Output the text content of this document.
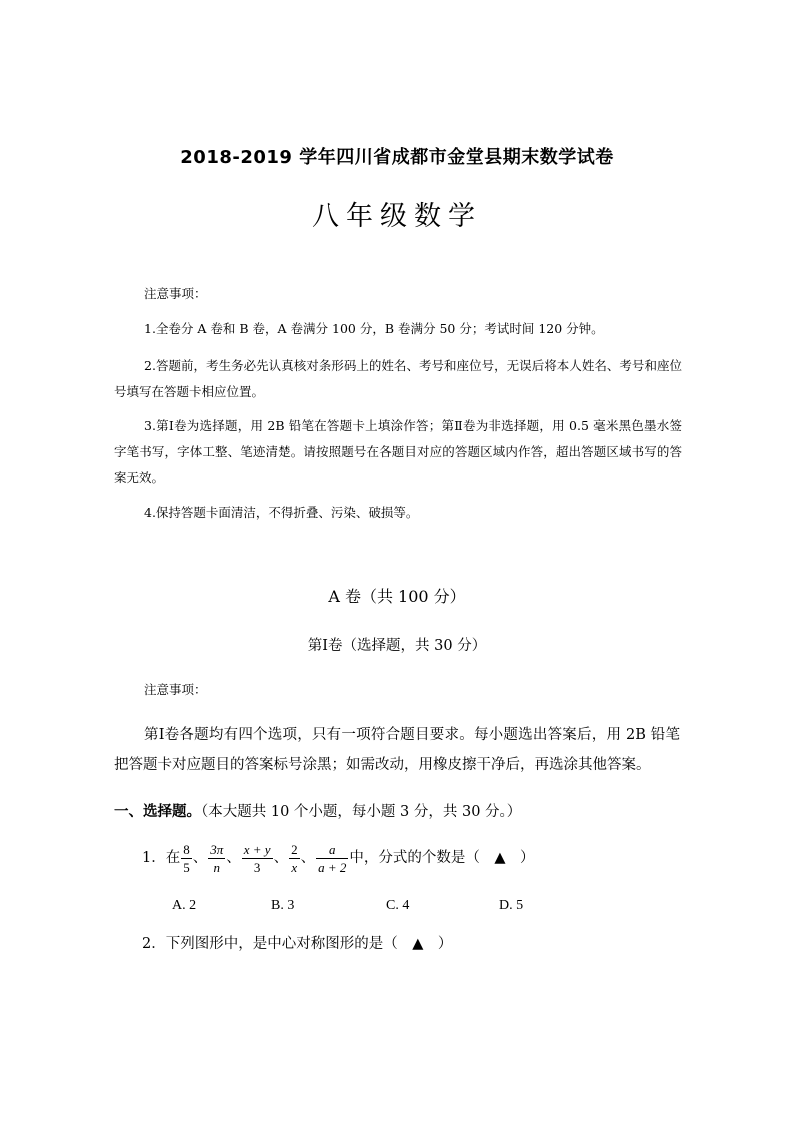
2018-2019 学年四川省成都市金堂县期末数学试卷
八年级数学
注意事项：
1.全卷分 A 卷和 B 卷，A 卷满分 100 分，B 卷满分 50 分；考试时间 120 分钟。
2.答题前，考生务必先认真核对条形码上的姓名、考号和座位号，无误后将本人姓名、考号和座位号填写在答题卡相应位置。
3.第Ⅰ卷为选择题，用 2B 铅笔在答题卡上填涂作答；第Ⅱ卷为非选择题，用 0.5 毫米黑色墨水签字笔书写，字体工整、笔迹清楚。请按照题号在各题目对应的答题区域内作答，超出答题区域书写的答案无效。
4.保持答题卡面清洁，不得折叠、污染、破损等。
A 卷（共 100 分）
第Ⅰ卷（选择题，共 30 分）
注意事项：
第Ⅰ卷各题均有四个选项，只有一项符合题目要求。每小题选出答案后，用 2B 铅笔把答题卡对应题目的答案标号涂黑；如需改动，用橡皮擦干净后，再选涂其他答案。
一、选择题。（本大题共 10 个小题，每小题 3 分，共 30 分。）
1．在 $\frac{8}{5}$ 、 $\frac{3\pi}{n}$ 、 $\frac{x + y}{3}$ 、 $\frac{2}{x}$ 、 $\frac{a}{a + 2}$ 中，分式的个数是（　▲　）
A. 2	B. 3	C. 4	D. 5
2．下列图形中，是中心对称图形的是（　▲　）
